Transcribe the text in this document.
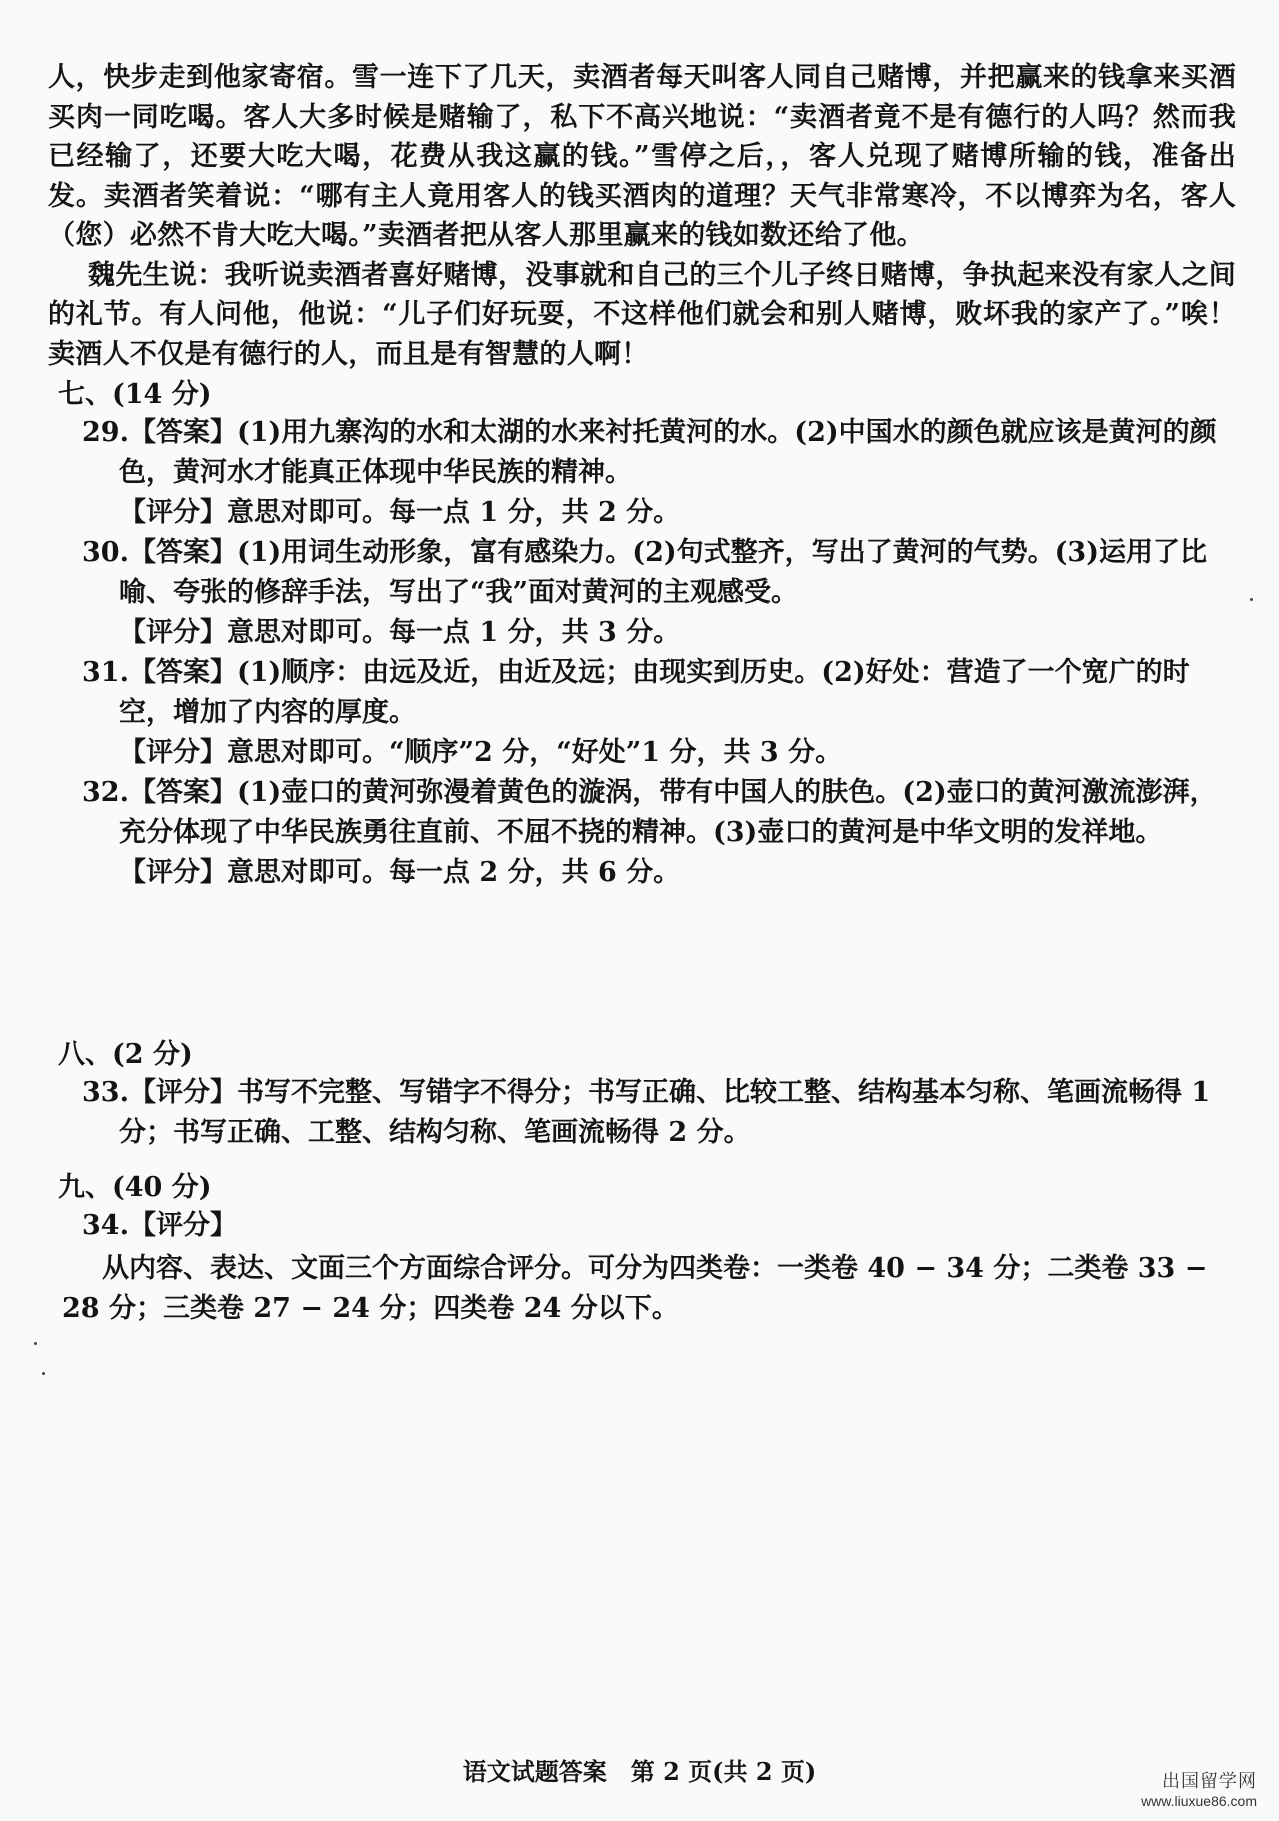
人，快步走到他家寄宿。雪一连下了几天，卖酒者每天叫客人同自己赌博，并把赢来的钱拿来买酒买肉一同吃喝。客人大多时候是赌输了，私下不高兴地说：“卖酒者竟不是有德行的人吗？然而我已经输了，还要大吃大喝，花费从我这赢的钱。”雪停之后，，客人兑现了赌博所输的钱，准备出发。卖酒者笑着说：“哪有主人竟用客人的钱买酒肉的道理？天气非常寒冷，不以博弈为名，客人（您）必然不肯大吃大喝。”卖酒者把从客人那里赢来的钱如数还给了他。

魏先生说：我听说卖酒者喜好赌博，没事就和自己的三个儿子终日赌博，争执起来没有家人之间的礼节。有人问他，他说：“儿子们好玩耍，不这样他们就会和别人赌博，败坏我的家产了。”唉！卖酒人不仅是有德行的人，而且是有智慧的人啊！

七、(14 分)
29.【答案】(1)用九寨沟的水和太湖的水来衬托黄河的水。(2)中国水的颜色就应该是黄河的颜色，黄河水才能真正体现中华民族的精神。
【评分】意思对即可。每一点 1 分，共 2 分。
30.【答案】(1)用词生动形象，富有感染力。(2)句式整齐，写出了黄河的气势。(3)运用了比喻、夸张的修辞手法，写出了“我”面对黄河的主观感受。
【评分】意思对即可。每一点 1 分，共 3 分。
31.【答案】(1)顺序：由远及近，由近及远；由现实到历史。(2)好处：营造了一个宽广的时空，增加了内容的厚度。
【评分】意思对即可。“顺序”2 分，“好处”1 分，共 3 分。
32.【答案】(1)壶口的黄河弥漫着黄色的漩涡，带有中国人的肤色。(2)壶口的黄河激流澎湃，充分体现了中华民族勇往直前、不屈不挠的精神。(3)壶口的黄河是中华文明的发祥地。
【评分】意思对即可。每一点 2 分，共 6 分。
八、(2 分)
33.【评分】书写不完整、写错字不得分；书写正确、比较工整、结构基本匀称、笔画流畅得 1 分；书写正确、工整、结构匀称、笔画流畅得 2 分。
九、(40 分)
34.【评分】
从内容、表达、文面三个方面综合评分。可分为四类卷：一类卷 40 − 34 分；二类卷 33 − 28 分；三类卷 27 − 24 分；四类卷 24 分以下。
语文试题答案　第 2 页(共 2 页)	出国留学网
www.liuxue86.com
